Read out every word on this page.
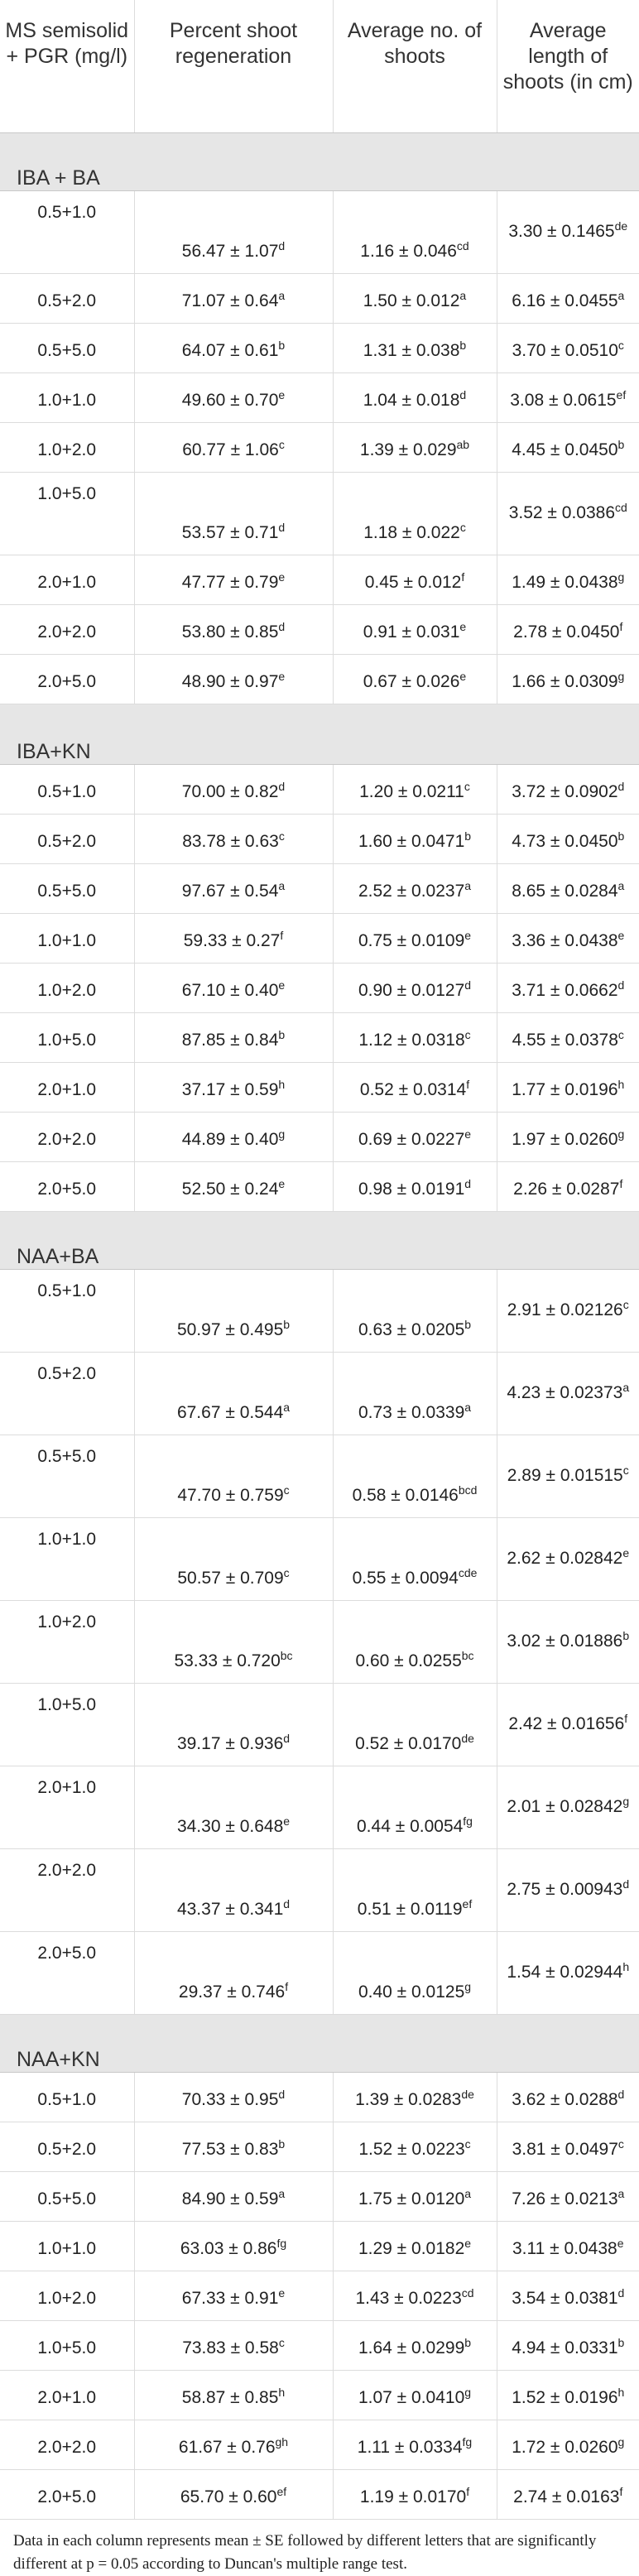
MS semisolid + PGR (mg/l)	Percent shoot regeneration	Average no. of shoots	Average length of shoots (in cm)
IBA + BA			
0.5+1.0	56.47 ± 1.07$^d$	1.16 ± 0.046$^{cd}$	3.30 ± 0.1465de
0.5+2.0	71.07 ± 0.64$^a$	1.50 ± 0.012$^a$	6.16 ± 0.0455$^a$
0.5+5.0	64.07 ± 0.61$^b$	1.31 ± 0.038$^b$	3.70 ± 0.0510$^c$
1.0+1.0	49.60 ± 0.70$^e$	1.04 ± 0.018$^d$	3.08 ± 0.0615$^{ef}$
1.0+2.0	60.77 ± 1.06$^c$	1.39 ± 0.029$^{ab}$	4.45 ± 0.0450$^b$
1.0+5.0	53.57 ± 0.71$^d$	1.18 ± 0.022$^c$	3.52 ± 0.0386$^{cd}$
2.0+1.0	47.77 ± 0.79$^e$	0.45 ± 0.012$^f$	1.49 ± 0.0438$^g$
2.0+2.0	53.80 ± 0.85$^d$	0.91 ± 0.031$^e$	2.78 ± 0.0450$^f$
2.0+5.0	48.90 ± 0.97$^e$	0.67 ± 0.026$^e$	1.66 ± 0.0309$^g$
IBA+KN			
0.5+1.0	70.00 ± 0.82$^d$	1.20 ± 0.0211$^c$	3.72 ± 0.0902$^d$
0.5+2.0	83.78 ± 0.63$^c$	1.60 ± 0.0471$^b$	4.73 ± 0.0450$^b$
0.5+5.0	97.67 ± 0.54$^a$	2.52 ± 0.0237$^a$	8.65 ± 0.0284$^a$
1.0+1.0	59.33 ± 0.27$^f$	0.75 ± 0.0109$^e$	3.36 ± 0.0438$^e$
1.0+2.0	67.10 ± 0.40$^e$	0.90 ± 0.0127$^d$	3.71 ± 0.0662$^d$
1.0+5.0	87.85 ± 0.84$^b$	1.12 ± 0.0318$^c$	4.55 ± 0.0378$^c$
2.0+1.0	37.17 ± 0.59$^h$	0.52 ± 0.0314$^f$	1.77 ± 0.0196$^h$
2.0+2.0	44.89 ± 0.40$^g$	0.69 ± 0.0227$^e$	1.97 ± 0.0260$^g$
2.0+5.0	52.50 ± 0.24$^e$	0.98 ± 0.0191$^d$	2.26 ± 0.0287$^f$
NAA+BA			
0.5+1.0	50.97 ± 0.495$^b$	0.63 ± 0.0205$^b$	2.91 ± 0.02126$^c$
0.5+2.0	67.67 ± 0.544$^a$	0.73 ± 0.0339$^a$	4.23 ± 0.02373$^a$
0.5+5.0	47.70 ± 0.759$^c$	0.58 ± 0.0146$^{bcd}$	2.89 ± 0.01515$^c$
1.0+1.0	50.57 ± 0.709$^c$	0.55 ± 0.0094$^{cde}$	2.62 ± 0.02842$^e$
1.0+2.0	53.33 ± 0.720$^{bc}$	0.60 ± 0.0255$^{bc}$	3.02 ± 0.01886$^b$
1.0+5.0	39.17 ± 0.936$^d$	0.52 ± 0.0170de	2.42 ± 0.01656$^f$
2.0+1.0	34.30 ± 0.648$^e$	0.44 ± 0.0054$^{fg}$	2.01 ± 0.02842$^g$
2.0+2.0	43.37 ± 0.341$^d$	0.51 ± 0.0119$^{ef}$	2.75 ± 0.00943$^d$
2.0+5.0	29.37 ± 0.746$^f$	0.40 ± 0.0125$^g$	1.54 ± 0.02944$^h$
NAA+KN			
0.5+1.0	70.33 ± 0.95$^d$	1.39 ± 0.0283de	3.62 ± 0.0288$^d$
0.5+2.0	77.53 ± 0.83$^b$	1.52 ± 0.0223$^c$	3.81 ± 0.0497$^c$
0.5+5.0	84.90 ± 0.59$^a$	1.75 ± 0.0120$^a$	7.26 ± 0.0213$^a$
1.0+1.0	63.03 ± 0.86$^{fg}$	1.29 ± 0.0182$^e$	3.11 ± 0.0438$^e$
1.0+2.0	67.33 ± 0.91$^e$	1.43 ± 0.0223$^{cd}$	3.54 ± 0.0381$^d$
1.0+5.0	73.83 ± 0.58$^c$	1.64 ± 0.0299$^b$	4.94 ± 0.0331$^b$
2.0+1.0	58.87 ± 0.85$^h$	1.07 ± 0.0410$^g$	1.52 ± 0.0196$^h$
2.0+2.0	61.67 ± 0.76$^{gh}$	1.11 ± 0.0334$^{fg}$	1.72 ± 0.0260$^g$
2.0+5.0	65.70 ± 0.60$^{ef}$	1.19 ± 0.0170$^f$	2.74 ± 0.0163$^f$

Data in each column represents mean ± SE followed by different letters that are significantly different at p = 0.05 according to Duncan's multiple range test.
